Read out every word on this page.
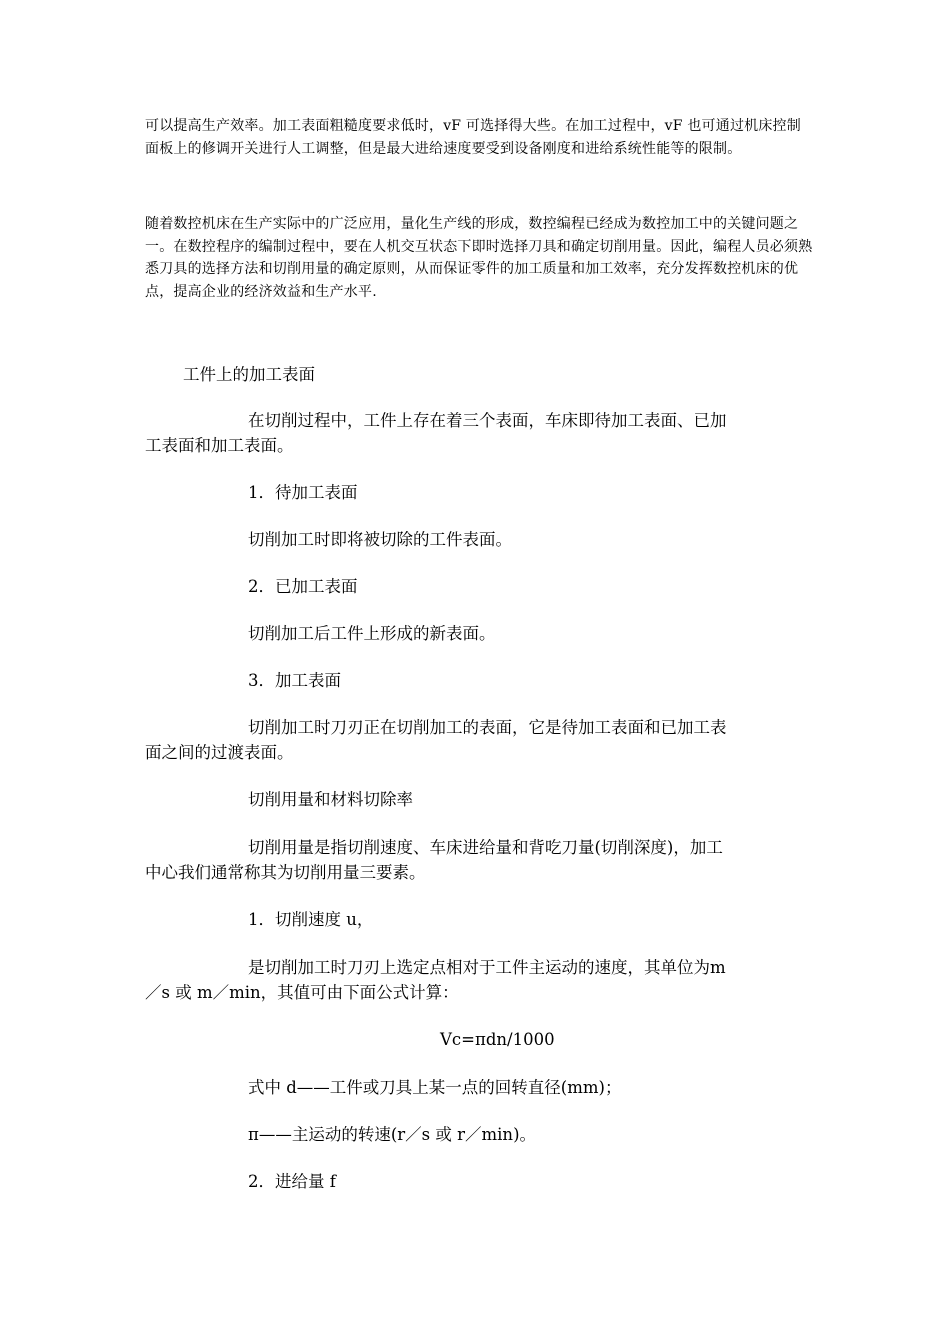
可以提高生产效率。加工表面粗糙度要求低时，vF 可选择得大些。在加工过程中，vF 也可通过机床控制面板上的修调开关进行人工调整，但是最大进给速度要受到设备刚度和进给系统性能等的限制。
随着数控机床在生产实际中的广泛应用，量化生产线的形成，数控编程已经成为数控加工中的关键问题之一。在数控程序的编制过程中，要在人机交互状态下即时选择刀具和确定切削用量。因此，编程人员必须熟悉刀具的选择方法和切削用量的确定原则，从而保证零件的加工质量和加工效率，充分发挥数控机床的优点，提高企业的经济效益和生产水平.
工件上的加工表面
在切削过程中，工件上存在着三个表面，车床即待加工表面、已加
工表面和加工表面。
1．待加工表面
切削加工时即将被切除的工件表面。
2．已加工表面
切削加工后工件上形成的新表面。
3．加工表面
切削加工时刀刃正在切削加工的表面，它是待加工表面和已加工表
面之间的过渡表面。
切削用量和材料切除率
切削用量是指切削速度、车床进给量和背吃刀量(切削深度)，加工
中心我们通常称其为切削用量三要素。
1．切削速度 u，
是切削加工时刀刃上选定点相对于工件主运动的速度，其单位为m
／s 或 m／min，其值可由下面公式计算：
Vc=πdn/1000
式中 d——工件或刀具上某一点的回转直径(mm)；
π——主运动的转速(r／s 或 r／min)。
2．进给量 f
